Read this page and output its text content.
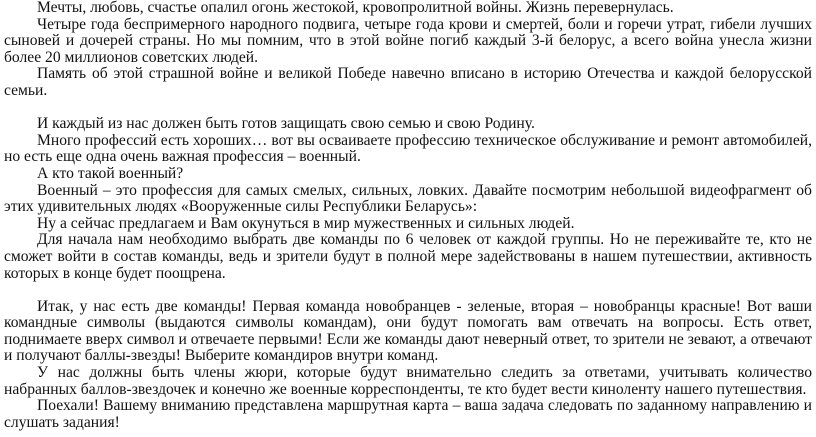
Мечты, любовь, счастье опалил огонь жестокой, кровопролитной войны. Жизнь перевернулась.

Четыре года беспримерного народного подвига, четыре года крови и смертей, боли и горечи утрат, гибели лучших сыновей и дочерей страны. Но мы помним, что в этой войне погиб каждый 3-й белорус, а всего война унесла жизни более 20 миллионов советских людей.

Память об этой страшной войне и великой Победе навечно вписано в историю Отечества и каждой белорусской семьи.

И каждый из нас должен быть готов защищать свою семью и свою Родину.

Много профессий есть хороших… вот вы осваиваете профессию техническое обслуживание и ремонт автомобилей, но есть еще одна очень важная профессия – военный.

А кто такой военный?

Военный – это профессия для самых смелых, сильных, ловких. Давайте посмотрим небольшой видеофрагмент об этих удивительных людях «Вооруженные силы Республики Беларусь»:

Ну а сейчас предлагаем и Вам окунуться в мир мужественных и сильных людей.

Для начала нам необходимо выбрать две команды по 6 человек от каждой группы. Но не переживайте те, кто не сможет войти в состав команды, ведь и зрители будут в полной мере задействованы в нашем путешествии, активность которых в конце будет поощрена.

Итак, у нас есть две команды! Первая команда новобранцев - зеленые, вторая – новобранцы красные! Вот ваши командные символы (выдаются символы командам), они будут помогать вам отвечать на вопросы. Есть ответ, поднимаете вверх символ и отвечаете первыми! Если же команды дают неверный ответ, то зрители не зевают, а отвечают и получают баллы-звезды! Выберите командиров внутри команд.

У нас должны быть члены жюри, которые будут внимательно следить за ответами, учитывать количество набранных баллов-звездочек и конечно же военные корреспонденты, те кто будет вести киноленту нашего путешествия.

Поехали! Вашему вниманию представлена маршрутная карта – ваша задача следовать по заданному направлению и слушать задания!
